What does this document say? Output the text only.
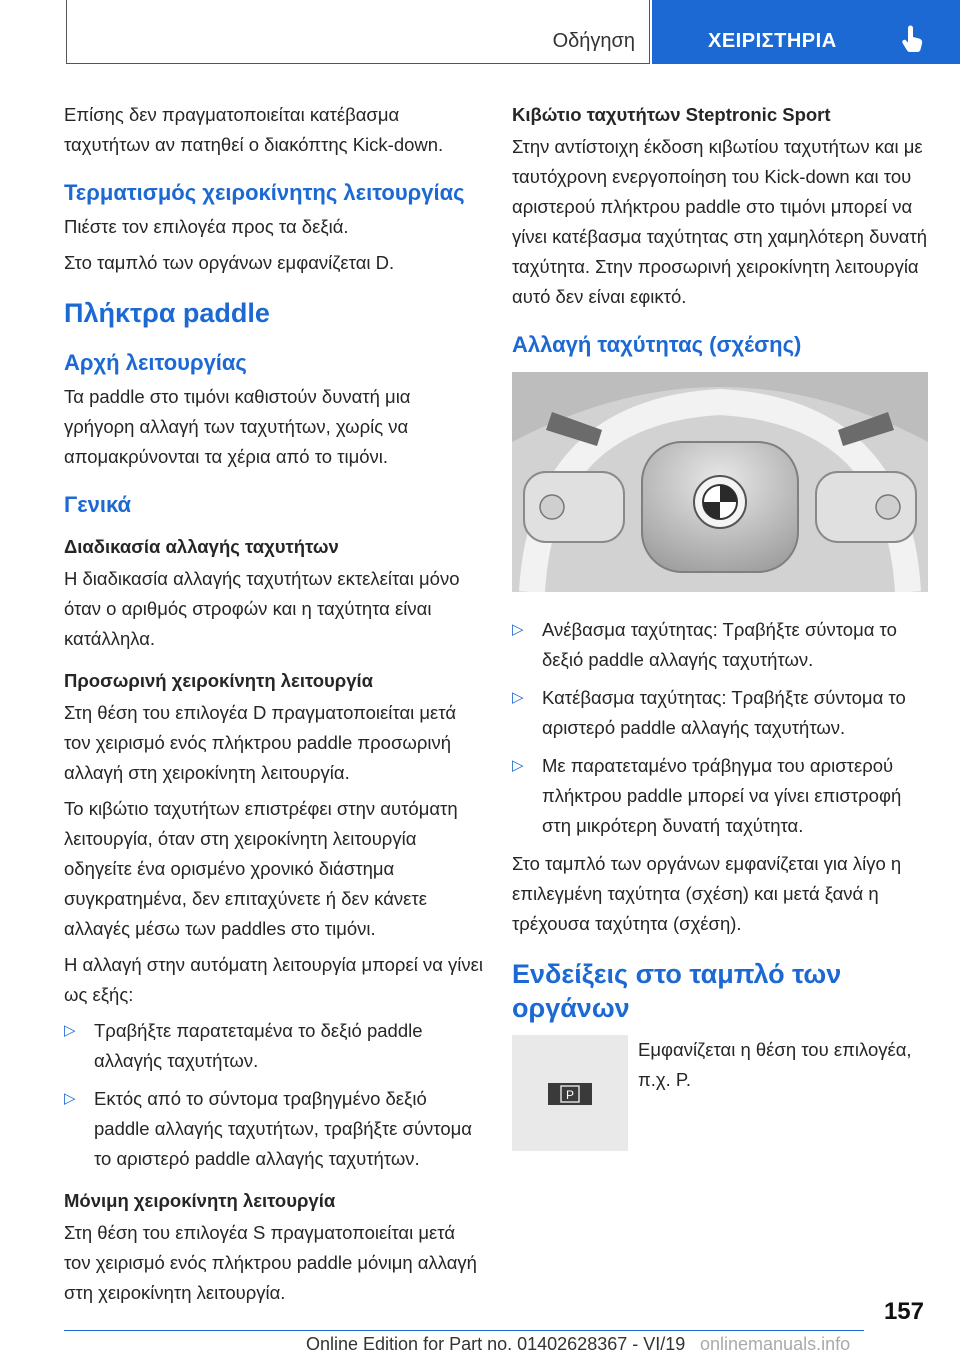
Οδήγηση	ΧΕΙΡΙΣΤΗΡΙΑ

Επίσης δεν πραγματοποιείται κατέβασμα ταχυτήτων αν πατηθεί ο διακόπτης Kick-down.

Τερματισμός χειροκίνητης λειτουργίας

Πιέστε τον επιλογέα προς τα δεξιά.

Στο ταμπλό των οργάνων εμφανίζεται D.

Πλήκτρα paddle
Αρχή λειτουργίας

Τα paddle στο τιμόνι καθιστούν δυνατή μια γρήγορη αλλαγή των ταχυτήτων, χωρίς να απομακρύνονται τα χέρια από το τιμόνι.

Γενικά
Διαδικασία αλλαγής ταχυτήτων

Η διαδικασία αλλαγής ταχυτήτων εκτελείται μόνο όταν ο αριθμός στροφών και η ταχύτητα είναι κατάλληλα.

Προσωρινή χειροκίνητη λειτουργία

Στη θέση του επιλογέα D πραγματοποιείται μετά τον χειρισμό ενός πλήκτρου paddle προσωρινή αλλαγή στη χειροκίνητη λειτουργία.

Το κιβώτιο ταχυτήτων επιστρέφει στην αυτόματη λειτουργία, όταν στη χειροκίνητη λειτουργία οδηγείτε ένα ορισμένο χρονικό διάστημα συγκρατημένα, δεν επιταχύνετε ή δεν κάνετε αλλαγές μέσω των paddles στο τιμόνι.

Η αλλαγή στην αυτόματη λειτουργία μπορεί να γίνει ως εξής:

▷ Τραβήξτε παρατεταμένα το δεξιό paddle αλλαγής ταχυτήτων.
▷ Εκτός από το σύντομα τραβηγμένο δεξιό paddle αλλαγής ταχυτήτων, τραβήξτε σύντομα το αριστερό paddle αλλαγής ταχυτήτων.
Μόνιμη χειροκίνητη λειτουργία

Στη θέση του επιλογέα S πραγματοποιείται μετά τον χειρισμό ενός πλήκτρου paddle μόνιμη αλλαγή στη χειροκίνητη λειτουργία.

Κιβώτιο ταχυτήτων Steptronic Sport

Στην αντίστοιχη έκδοση κιβωτίου ταχυτήτων και με ταυτόχρονη ενεργοποίηση του Kick-down και του αριστερού πλήκτρου paddle στο τιμόνι μπορεί να γίνει κατέβασμα ταχύτητας στη χαμηλότερη δυνατή ταχύτητα. Στην προσωρινή χειροκίνητη λειτουργία αυτό δεν είναι εφικτό.

Αλλαγή ταχύτητας (σχέσης)
▷ Ανέβασμα ταχύτητας: Τραβήξτε σύντομα το δεξιό paddle αλλαγής ταχυτήτων.
▷ Κατέβασμα ταχύτητας: Τραβήξτε σύντομα το αριστερό paddle αλλαγής ταχυτήτων.
▷ Με παρατεταμένο τράβηγμα του αριστερού πλήκτρου paddle μπορεί να γίνει επιστροφή στη μικρότερη δυνατή ταχύτητα.

Στο ταμπλό των οργάνων εμφανίζεται για λίγο η επιλεγμένη ταχύτητα (σχέση) και μετά ξανά η τρέχουσα ταχύτητα (σχέση).

Ενδείξεις στο ταμπλό των οργάνων
P
Εμφανίζεται η θέση του επιλογέα, π.χ. P.
157
Online Edition for Part no. 01402628367 - VI/19 onlinemanuals.info
